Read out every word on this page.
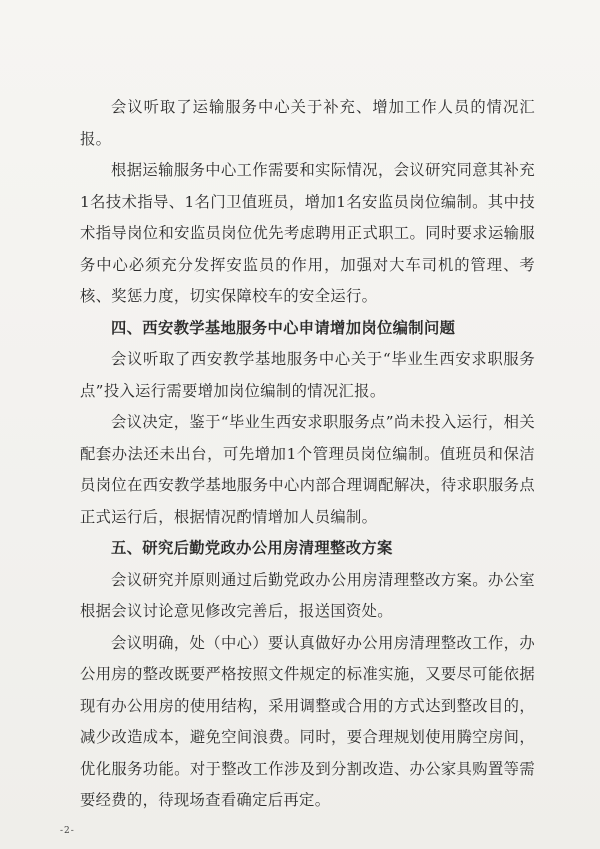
会议听取了运输服务中心关于补充、增加工作人员的情况汇报。

根据运输服务中心工作需要和实际情况，会议研究同意其补充1名技术指导、1名门卫值班员，增加1名安监员岗位编制。其中技术指导岗位和安监员岗位优先考虑聘用正式职工。同时要求运输服务中心必须充分发挥安监员的作用，加强对大车司机的管理、考核、奖惩力度，切实保障校车的安全运行。

四、西安教学基地服务中心申请增加岗位编制问题

会议听取了西安教学基地服务中心关于“毕业生西安求职服务点”投入运行需要增加岗位编制的情况汇报。

会议决定，鉴于“毕业生西安求职服务点”尚未投入运行，相关配套办法还未出台，可先增加1个管理员岗位编制。值班员和保洁员岗位在西安教学基地服务中心内部合理调配解决，待求职服务点正式运行后，根据情况酌情增加人员编制。

五、研究后勤党政办公用房清理整改方案

会议研究并原则通过后勤党政办公用房清理整改方案。办公室根据会议讨论意见修改完善后，报送国资处。

会议明确，处（中心）要认真做好办公用房清理整改工作，办公用房的整改既要严格按照文件规定的标准实施，又要尽可能依据现有办公用房的使用结构，采用调整或合用的方式达到整改目的，减少改造成本，避免空间浪费。同时，要合理规划使用腾空房间，优化服务功能。对于整改工作涉及到分割改造、办公家具购置等需要经费的，待现场查看确定后再定。

-2-
